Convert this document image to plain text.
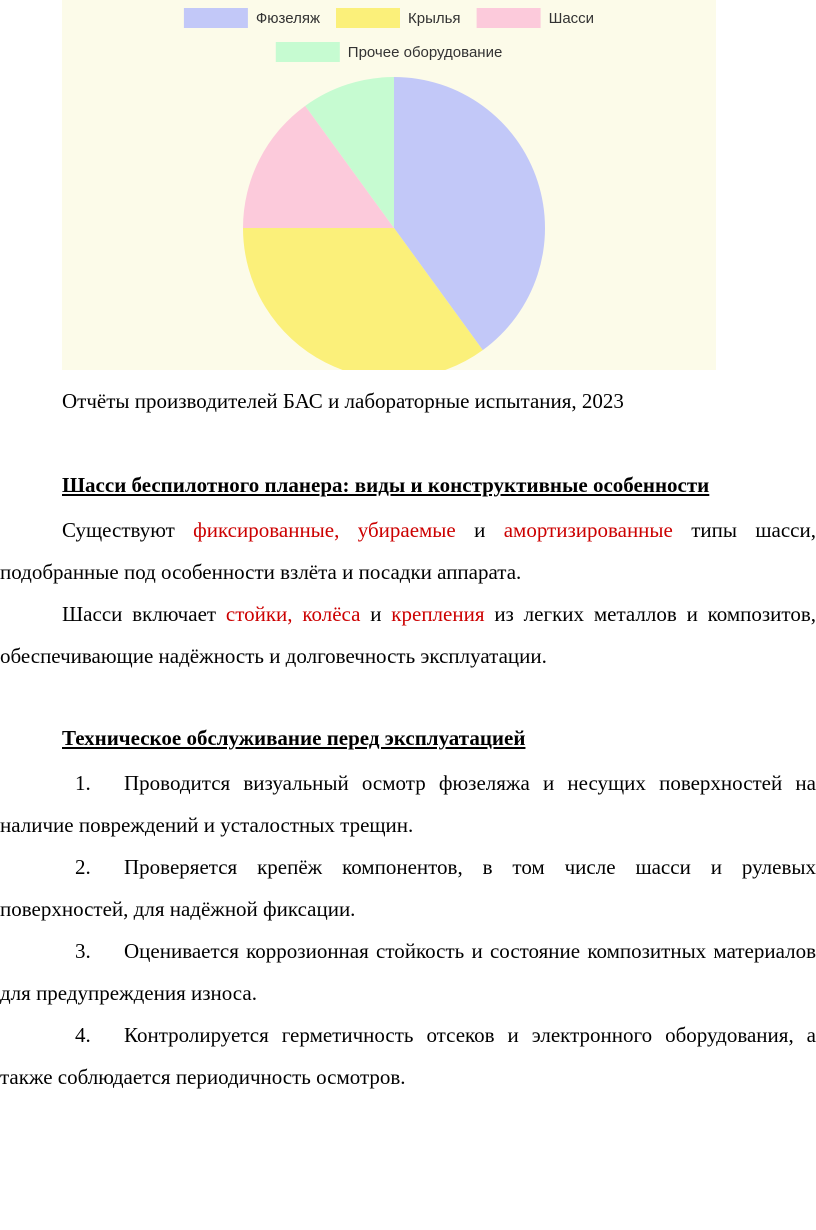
Фюзеляж	Крылья	Шасси
Прочее оборудование
Отчёты производителей БАС и лабораторные испытания, 2023
Шасси беспилотного планера: виды и конструктивные особенности

Существуют фиксированные, убираемые и амортизированные типы шасси, подобранные под особенности взлёта и посадки аппарата.

Шасси включает стойки, колёса и крепления из легких металлов и композитов, обеспечивающие надёжность и долговечность эксплуатации.

Техническое обслуживание перед эксплуатацией

1. Проводится визуальный осмотр фюзеляжа и несущих поверхностей на наличие повреждений и усталостных трещин.

2. Проверяется крепёж компонентов, в том числе шасси и рулевых поверхностей, для надёжной фиксации.

3. Оценивается коррозионная стойкость и состояние композитных материалов для предупреждения износа.

4. Контролируется герметичность отсеков и электронного оборудования, а также соблюдается периодичность осмотров.
